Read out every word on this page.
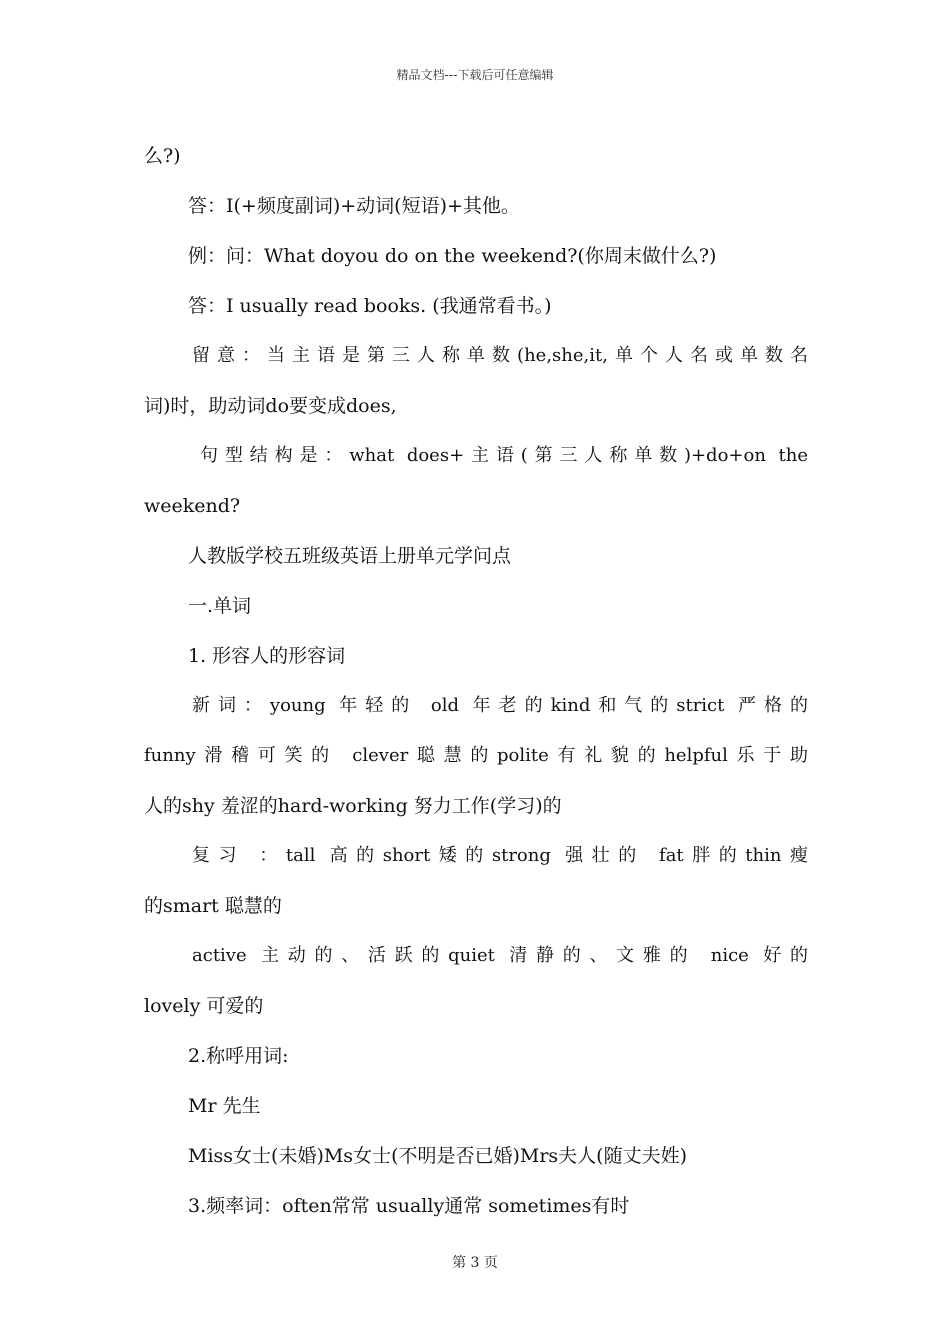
精品文档---下载后可任意编辑
么?)
答：I(+频度副词)+动词(短语)+其他。
例：问：What doyou do on the weekend?(你周末做什么?)
答：I usually read books. (我通常看书。)
留意：当主语是第三人称单数(he,she,it,单个人名或单数名
词)时，助动词do要变成does,
句型结构是：what does+主语(第三人称单数)+do+on the
weekend?
人教版学校五班级英语上册单元学问点
一.单词
1. 形容人的形容词
新词：young 年轻的 old 年老的kind和气的strict 严格的
funny滑稽可笑的 clever聪慧的polite有礼貌的helpful乐于助
人的shy 羞涩的hard-working 努力工作(学习)的
复习 ：tall 高的short矮的strong 强壮的 fat胖的thin瘦
的smart 聪慧的
active 主动的、活跃的quiet 清静的、文雅的 nice 好的
lovely 可爱的
2.称呼用词:
Mr 先生
Miss女士(未婚)Ms女士(不明是否已婚)Mrs夫人(随丈夫姓)
3.频率词：often常常 usually通常 sometimes有时
第 3 页
